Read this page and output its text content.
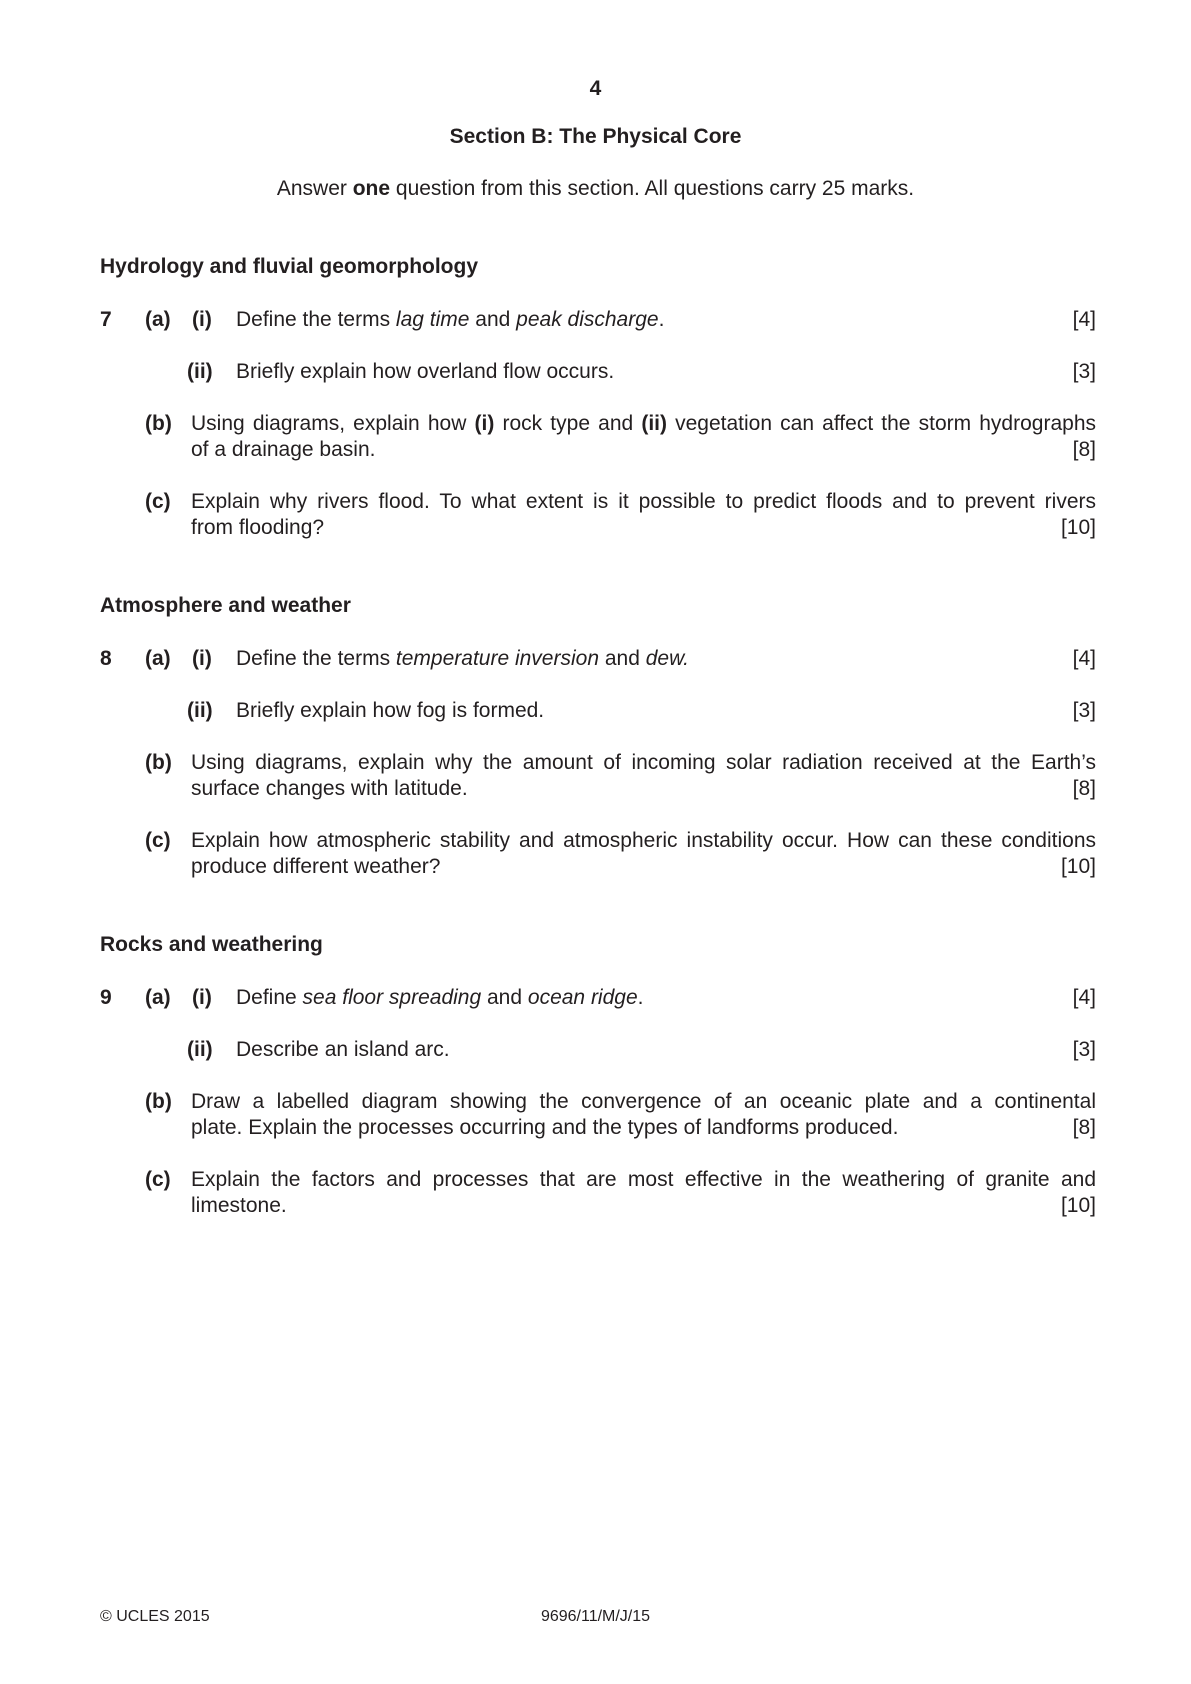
4
Section B: The Physical Core
Answer one question from this section. All questions carry 25 marks.
Hydrology and fluvial geomorphology
7 (a) (i) Define the terms lag time and peak discharge.	[4]
(ii) Briefly explain how overland flow occurs.	[3]
(b) Using diagrams, explain how (i) rock type and (ii) vegetation can affect the storm hydrographs
of a drainage basin.	[8]
(c) Explain why rivers flood. To what extent is it possible to predict floods and to prevent rivers
from flooding?	[10]
Atmosphere and weather
8 (a) (i) Define the terms temperature inversion and dew.	[4]
(ii) Briefly explain how fog is formed.	[3]
(b) Using diagrams, explain why the amount of incoming solar radiation received at the Earth’s
surface changes with latitude.	[8]
(c) Explain how atmospheric stability and atmospheric instability occur. How can these conditions
produce different weather?	[10]
Rocks and weathering
9 (a) (i) Define sea floor spreading and ocean ridge.	[4]
(ii) Describe an island arc.	[3]
(b) Draw a labelled diagram showing the convergence of an oceanic plate and a continental
plate. Explain the processes occurring and the types of landforms produced.	[8]
(c) Explain the factors and processes that are most effective in the weathering of granite and
limestone.	[10]
© UCLES 2015	9696/11/M/J/15
